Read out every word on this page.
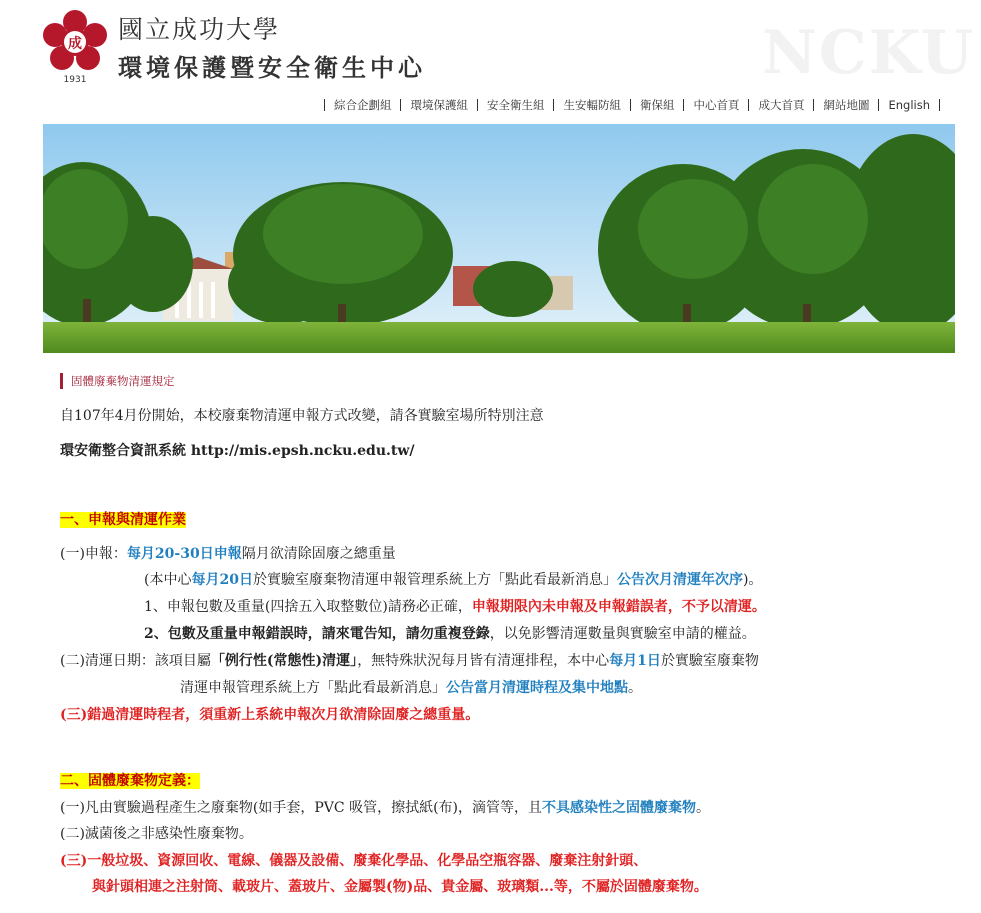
成
1931
國立成功大學
環境保護暨安全衛生中心	NCKU
綜合企劃組 環境保護組 安全衛生組 生安輻防組 衛保組 中心首頁 成大首頁 網站地圖 English
固體廢棄物清運規定
自107年4月份開始，本校廢棄物清運申報方式改變，請各實驗室場所特別注意
環安衛整合資訊系統 http://mis.epsh.ncku.edu.tw/
一、申報與清運作業
(一)申報：每月20-30日申報隔月欲清除固廢之總重量
(本中心每月20日於實驗室廢棄物清運申報管理系統上方「點此看最新消息」公告次月清運年次序)。
1、申報包數及重量(四捨五入取整數位)請務必正確，申報期限內未申報及申報錯誤者，不予以清運。
2、包數及重量申報錯誤時，請來電告知，請勿重複登錄，以免影響清運數量與實驗室申請的權益。
(二)清運日期：該項目屬「例行性(常態性)清運」，無特殊狀況每月皆有清運排程，本中心每月1日於實驗室廢棄物
清運申報管理系統上方「點此看最新消息」公告當月清運時程及集中地點。
(三)錯過清運時程者，須重新上系統申報次月欲清除固廢之總重量。
二、固體廢棄物定義：
(一)凡由實驗過程產生之廢棄物(如手套，PVC 吸管，擦拭紙(布)，滴管等，且不具感染性之固體廢棄物。
(二)滅菌後之非感染性廢棄物。
(三)一般垃圾、資源回收、電線、儀器及設備、廢棄化學品、化學品空瓶容器、廢棄注射針頭、
與針頭相連之注射筒、載玻片、蓋玻片、金屬製(物)品、貴金屬、玻璃類...等，不屬於固體廢棄物。
